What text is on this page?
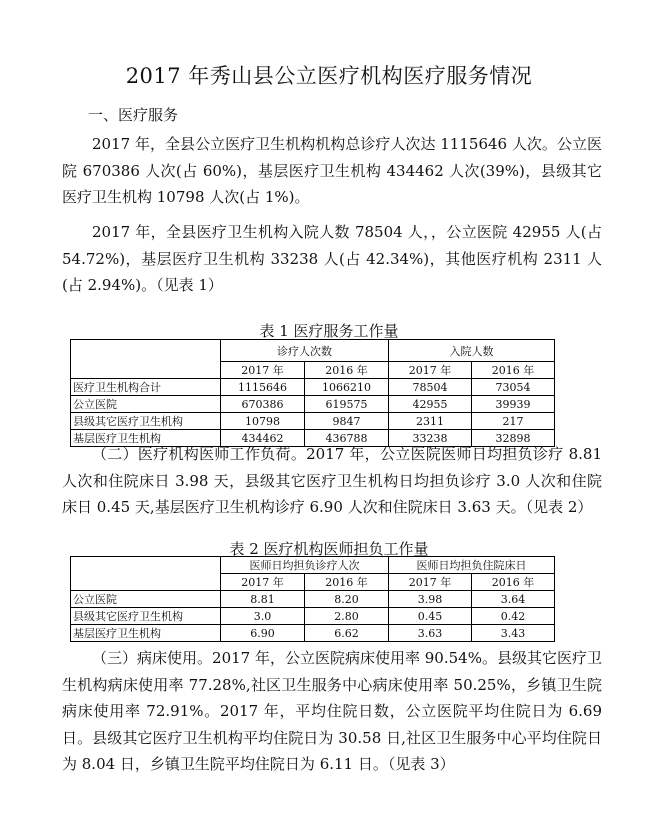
2017 年秀山县公立医疗机构医疗服务情况
一、医疗服务

2017 年，全县公立医疗卫生机构机构总诊疗人次达 1115646 人次。公立医院 670386 人次(占 60%)，基层医疗卫生机构 434462 人次(39%)，县级其它医疗卫生机构 10798 人次(占 1%)。

2017 年，全县医疗卫生机构入院人数 78504 人，，公立医院 42955 人(占 54.72%)，基层医疗卫生机构 33238 人(占 42.34%)，其他医疗机构 2311 人(占 2.94%)。（见表 1）

表 1 医疗服务工作量
	诊疗人次数		入院人数	
	2017 年	2016 年	2017 年	2016 年
医疗卫生机构合计	1115646	1066210	78504	73054
公立医院	670386	619575	42955	39939
县级其它医疗卫生机构	10798	9847	2311	217
基层医疗卫生机构	434462	436788	33238	32898

（二）医疗机构医师工作负荷。2017 年，公立医院医师日均担负诊疗 8.81 人次和住院床日 3.98 天，县级其它医疗卫生机构日均担负诊疗 3.0 人次和住院床日 0.45 天,基层医疗卫生机构诊疗 6.90 人次和住院床日 3.63 天。（见表 2）

表 2 医疗机构医师担负工作量
	医师日均担负诊疗人次		医师日均担负住院床日	
	2017 年	2016 年	2017 年	2016 年
公立医院	8.81	8.20	3.98	3.64
县级其它医疗卫生机构	3.0	2.80	0.45	0.42
基层医疗卫生机构	6.90	6.62	3.63	3.43

（三）病床使用。2017 年，公立医院病床使用率 90.54%。县级其它医疗卫生机构病床使用率 77.28%,社区卫生服务中心病床使用率 50.25%，乡镇卫生院病床使用率 72.91%。2017 年，平均住院日数，公立医院平均住院日为 6.69 日。县级其它医疗卫生机构平均住院日为 30.58 日,社区卫生服务中心平均住院日为 8.04 日，乡镇卫生院平均住院日为 6.11 日。（见表 3）
